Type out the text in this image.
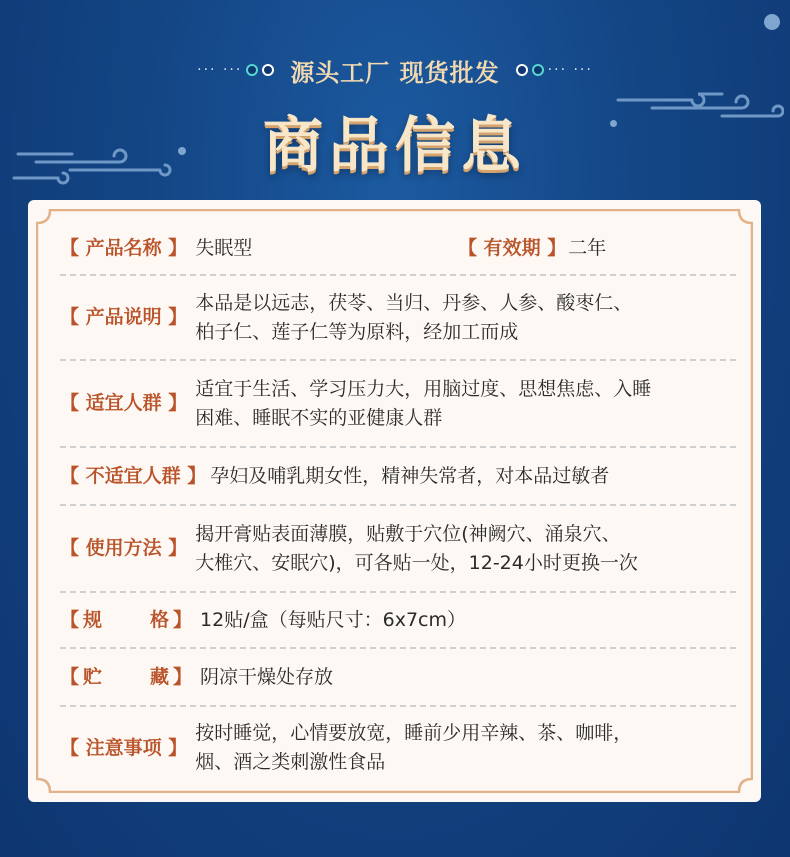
··· ··· 源头工厂 现货批发	··· ···
商品信息
【 产品名称 】 失眠型	【 有效期 】 二年
【 产品说明 】
本品是以远志，茯苓、当归、丹参、人参、酸枣仁、
柏子仁、莲子仁等为原料，经加工而成
【 适宜人群 】
适宜于生活、学习压力大，用脑过度、思想焦虑、入睡
困难、睡眠不实的亚健康人群
【 不适宜人群 】 孕妇及哺乳期女性，精神失常者，对本品过敏者
【 使用方法 】
揭开膏贴表面薄膜，贴敷于穴位(神阙穴、涌泉穴、
大椎穴、安眠穴)，可各贴一处，12-24小时更换一次
【 规	格 】 12贴/盒（每贴尺寸：6x7cm）
【 贮	藏 】 阴凉干燥处存放
【 注意事项 】
按时睡觉，心情要放宽，睡前少用辛辣、茶、咖啡，
烟、酒之类刺激性食品
